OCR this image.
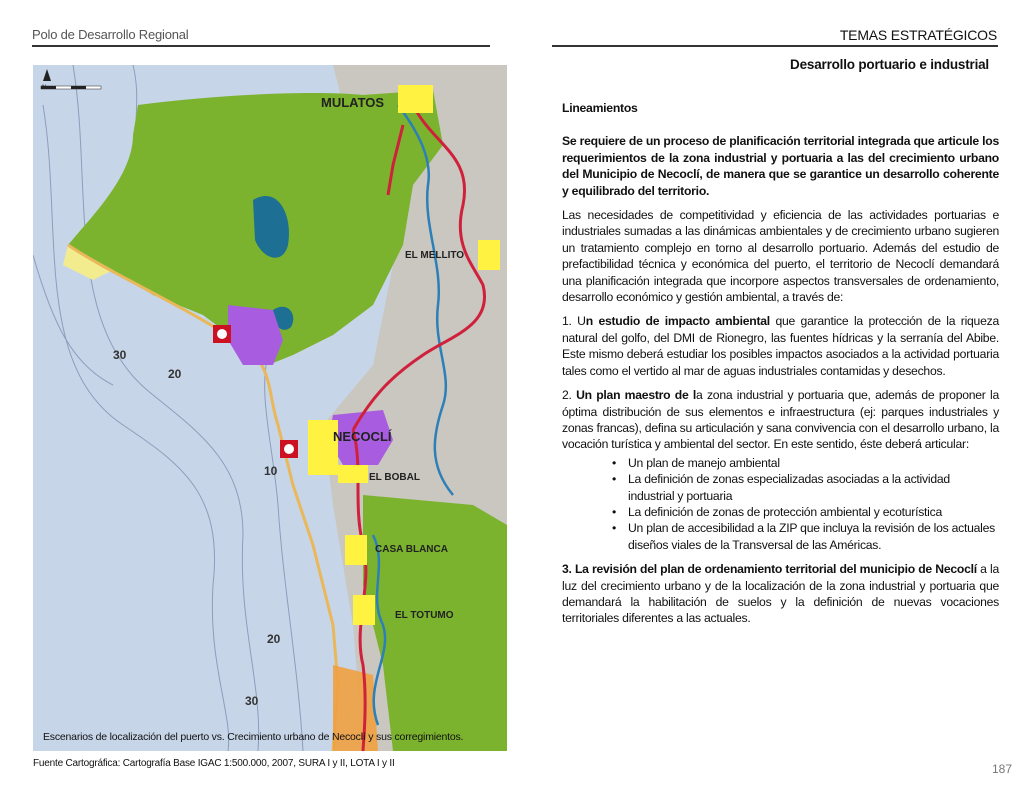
Polo de Desarrollo Regional	TEMAS ESTRATÉGICOS
Desarrollo portuario e industrial
MULATOS
EL MELLITO
NECOCLÍ
EL BOBAL
CASA BLANCA
EL TOTUMO
30
20
10
20
30
Escenarios de localización del puerto vs. Crecimiento urbano de Necoclí y sus corregimientos.
Fuente Cartográfica: Cartografía Base IGAC 1:500.000, 2007, SURA I y II, LOTA I y II

Lineamientos

Se requiere de un proceso de planificación territorial integrada que articule los requerimientos de la zona industrial y portuaria a las del crecimiento urbano del Municipio de Necoclí, de manera que se garantice un desarrollo coherente y equilibrado del territorio.

Las necesidades de competitividad y eficiencia de las actividades portuarias e industriales sumadas a las dinámicas ambientales y de crecimiento urbano sugieren un tratamiento complejo en torno al desarrollo portuario. Además del estudio de prefactibilidad técnica y económica del puerto, el territorio de Necoclí demandará una planificación integrada que incorpore aspectos transversales de ordenamiento, desarrollo económico y gestión ambiental, a través de:

1. Un estudio de impacto ambiental que garantice la protección de la riqueza natural del golfo, del DMI de Rionegro, las fuentes hídricas y la serranía del Abibe. Este mismo deberá estudiar los posibles impactos asociados a la actividad portuaria tales como el vertido al mar de aguas industriales contamidas y desechos.

2. Un plan maestro de la zona industrial y portuaria que, además de proponer la óptima distribución de sus elementos e infraestructura (ej: parques industriales y zonas francas), defina su articulación y sana convivencia con el desarrollo urbano, la vocación turística y ambiental del sector. En este sentido, éste deberá articular:

• Un plan de manejo ambiental
• La definición de zonas especializadas asociadas a la actividad industrial y portuaria
• La definición de zonas de protección ambiental y ecoturística
• Un plan de accesibilidad a la ZIP que incluya la revisión de los actuales diseños viales de la Transversal de las Américas.

3. La revisión del plan de ordenamiento territorial del municipio de Necoclí a la luz del crecimiento urbano y de la localización de la zona industrial y portuaria que demandará la habilitación de suelos y la definición de nuevas vocaciones territoriales diferentes a las actuales.

187
